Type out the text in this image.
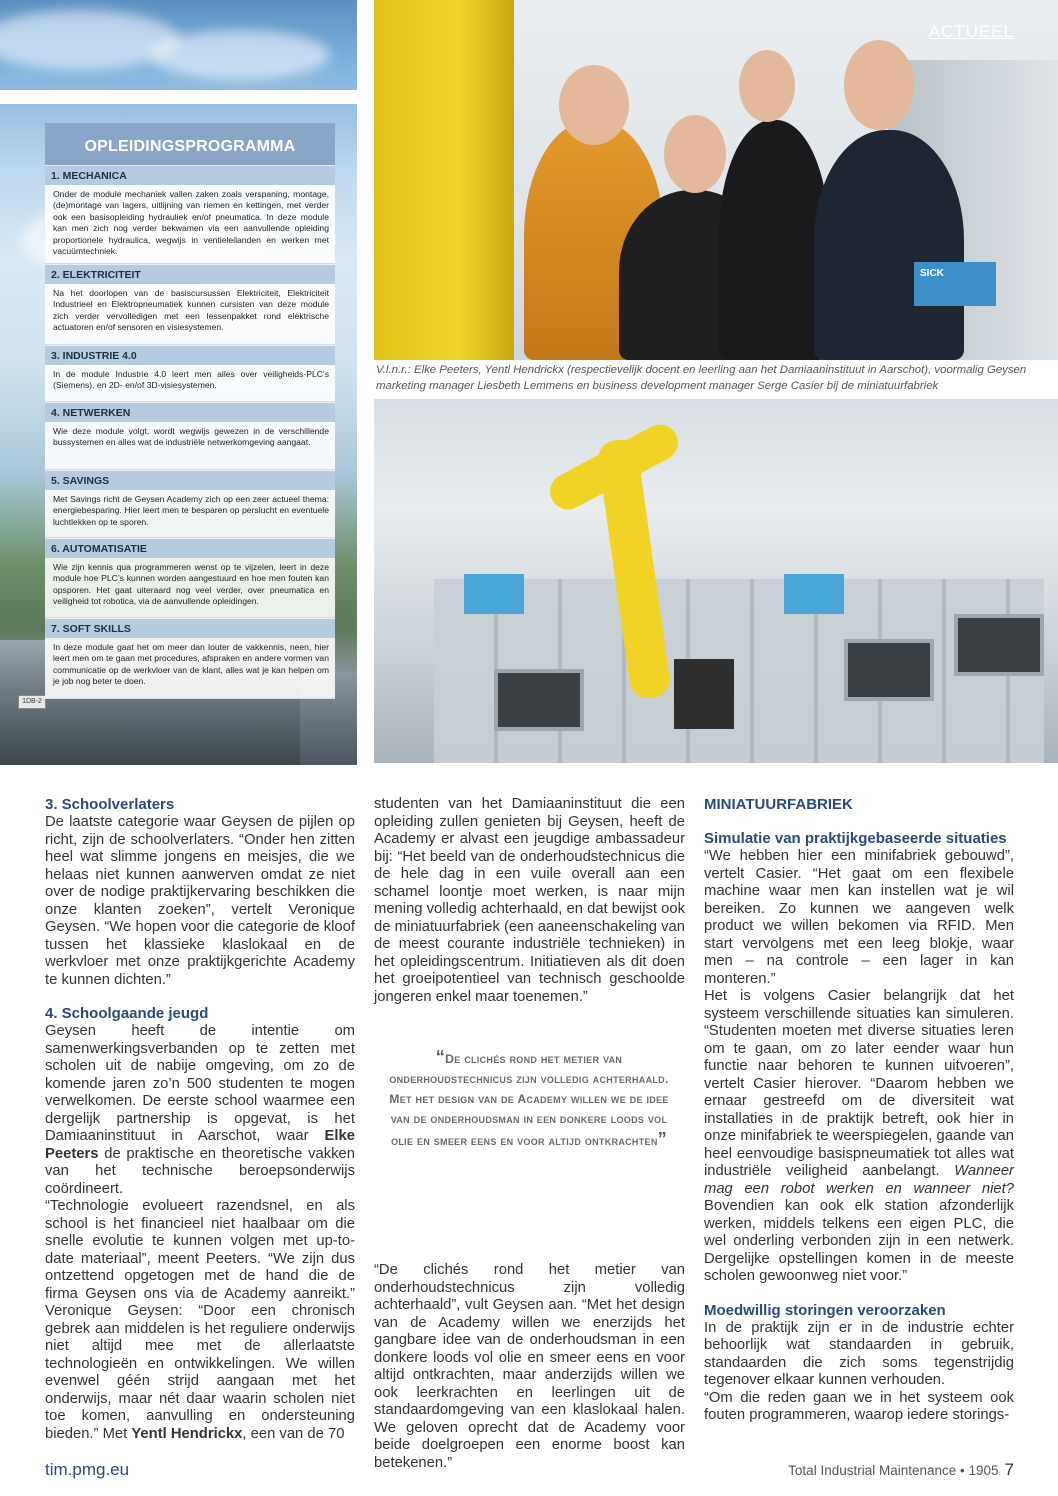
1DB-2
OPLEIDINGSPROGRAMMA
1. MECHANICA
Onder de module mechaniek vallen zaken zoals verspaning, montage, (de)montage van lagers, uitlijning van riemen en kettingen, met verder ook een basisopleiding hydrauliek en/of pneumatica. In deze module kan men zich nog verder bekwamen via een aanvullende opleiding proportionele hydraulica, wegwijs in ventieleilanden en werken met vacuümtechniek.
2. ELEKTRICITEIT
Na het doorlopen van de basiscursussen Elektriciteit, Elektriciteit Industrieel en Elektropneumatiek kunnen cursisten van deze module zich verder vervolledigen met een lessenpakket rond elektrische actuatoren en/of sensoren en visiesystemen.
3. INDUSTRIE 4.0
In de module Industrie 4.0 leert men alles over veiligheids-PLC’s (Siemens), en 2D- en/of 3D-visiesystemen.
4. NETWERKEN
Wie deze module volgt, wordt wegwijs gewezen in de verschillende bussystemen en alles wat de industriële netwerkomgeving aangaat.
5. SAVINGS
Met Savings richt de Geysen Academy zich op een zeer actueel thema: energiebesparing. Hier leert men te besparen op perslucht en eventuele luchtlekken op te sporen.
6. AUTOMATISATIE
Wie zijn kennis qua programmeren wenst op te vijzelen, leert in deze module hoe PLC’s kunnen worden aangestuurd en hoe men fouten kan opsporen. Het gaat uiteraard nog veel verder, over pneumatica en veiligheid tot robotica, via de aanvullende opleidingen.
7. SOFT SKILLS
In deze module gaat het om meer dan louter de vakkennis, neen, hier leert men om te gaan met procedures, afspraken en andere vormen van communicatie op de werkvloer van de klant, alles wat je kan helpen om je job nog beter te doen.
SICK
ACTUEEL
V.l.n.r.: Elke Peeters, Yentl Hendrickx (respectievelijk docent en leerling aan het Damiaaninstituut in Aarschot), voormalig Geysen marketing manager Liesbeth Lemmens en business development manager Serge Casier bij de miniatuurfabriek
3. Schoolverlaters

De laatste categorie waar Geysen de pijlen op richt, zijn de schoolverlaters. “Onder hen zitten heel wat slimme jongens en meisjes, die we helaas niet kunnen aanwerven omdat ze niet over de nodige praktijkervaring beschikken die onze klanten zoeken”, vertelt Veronique Geysen. “We hopen voor die categorie de kloof tussen het klassieke klaslokaal en de werkvloer met onze praktijkgerichte Academy te kunnen dichten.”

4. Schoolgaande jeugd

Geysen heeft de intentie om samenwerkingsverbanden op te zetten met scholen uit de nabije omgeving, om zo de komende jaren zo’n 500 studenten te mogen verwelkomen. De eerste school waarmee een dergelijk partnership is opgevat, is het Damiaaninstituut in Aarschot, waar Elke Peeters de praktische en theoretische vakken van het technische beroepsonderwijs coördineert.

“Technologie evolueert razendsnel, en als school is het financieel niet haalbaar om die snelle evolutie te kunnen volgen met up-to-date materiaal”, meent Peeters. “We zijn dus ontzettend opgetogen met de hand die de firma Geysen ons via de Academy aanreikt.” Veronique Geysen: “Door een chronisch gebrek aan middelen is het reguliere onderwijs niet altijd mee met de allerlaatste technologieën en ontwikkelingen. We willen evenwel géén strijd aangaan met het onderwijs, maar nét daar waarin scholen niet toe komen, aanvulling en ondersteuning bieden.” Met Yentl Hendrickx, een van de 70

studenten van het Damiaaninstituut die een opleiding zullen genieten bij Geysen, heeft de Academy er alvast een jeugdige ambassadeur bij: “Het beeld van de onderhoudstechnicus die de hele dag in een vuile overall aan een schamel loontje moet werken, is naar mijn mening volledig achterhaald, en dat bewijst ook de miniatuurfabriek (een aaneenschakeling van de meest courante industriële technieken) in het opleidingscentrum. Initiatieven als dit doen het groeipotentieel van technisch geschoolde jongeren enkel maar toenemen.”

“De clichés rond het metier van onderhoudstechnicus zijn volledig achterhaald”, vult Geysen aan. “Met het design van de Academy willen we enerzijds het gangbare idee van de onderhoudsman in een donkere loods vol olie en smeer eens en voor altijd ontkrachten, maar anderzijds willen we ook leerkrachten en leerlingen uit de standaardomgeving van een klaslokaal halen. We geloven oprecht dat de Academy voor beide doelgroepen een enorme boost kan betekenen.”

“De clichés rond het metier van onderhoudstechnicus zijn volledig achterhaald. Met het design van de Academy willen we de idee van de onderhoudsman in een donkere loods vol olie en smeer eens en voor altijd ontkrachten”
MINIATUURFABRIEK
Simulatie van praktijkgebaseerde situaties

“We hebben hier een minifabriek gebouwd”, vertelt Casier. “Het gaat om een flexibele machine waar men kan instellen wat je wil bereiken. Zo kunnen we aangeven welk product we willen bekomen via RFID. Men start vervolgens met een leeg blokje, waar men – na controle – een lager in kan monteren.”

Het is volgens Casier belangrijk dat het systeem verschillende situaties kan simuleren. “Studenten moeten met diverse situaties leren om te gaan, om zo later eender waar hun functie naar behoren te kunnen uitvoeren”, vertelt Casier hierover. “Daarom hebben we ernaar gestreefd om de diversiteit wat installaties in de praktijk betreft, ook hier in onze minifabriek te weerspiegelen, gaande van heel eenvoudige basispneumatiek tot alles wat industriële veiligheid aanbelangt. Wanneer mag een robot werken en wanneer niet? Bovendien kan ook elk station afzonderlijk werken, middels telkens een eigen PLC, die wel onderling verbonden zijn in een netwerk. Dergelijke opstellingen komen in de meeste scholen gewoonweg niet voor.”

Moedwillig storingen veroorzaken

In de praktijk zijn er in de industrie echter behoorlijk wat standaarden in gebruik, standaarden die zich soms tegenstrijdig tegenover elkaar kunnen verhouden.

“Om die reden gaan we in het systeem ook fouten programmeren, waarop iedere storings-

tim.pmg.eu	Total Industrial Maintenance • 1905 7
